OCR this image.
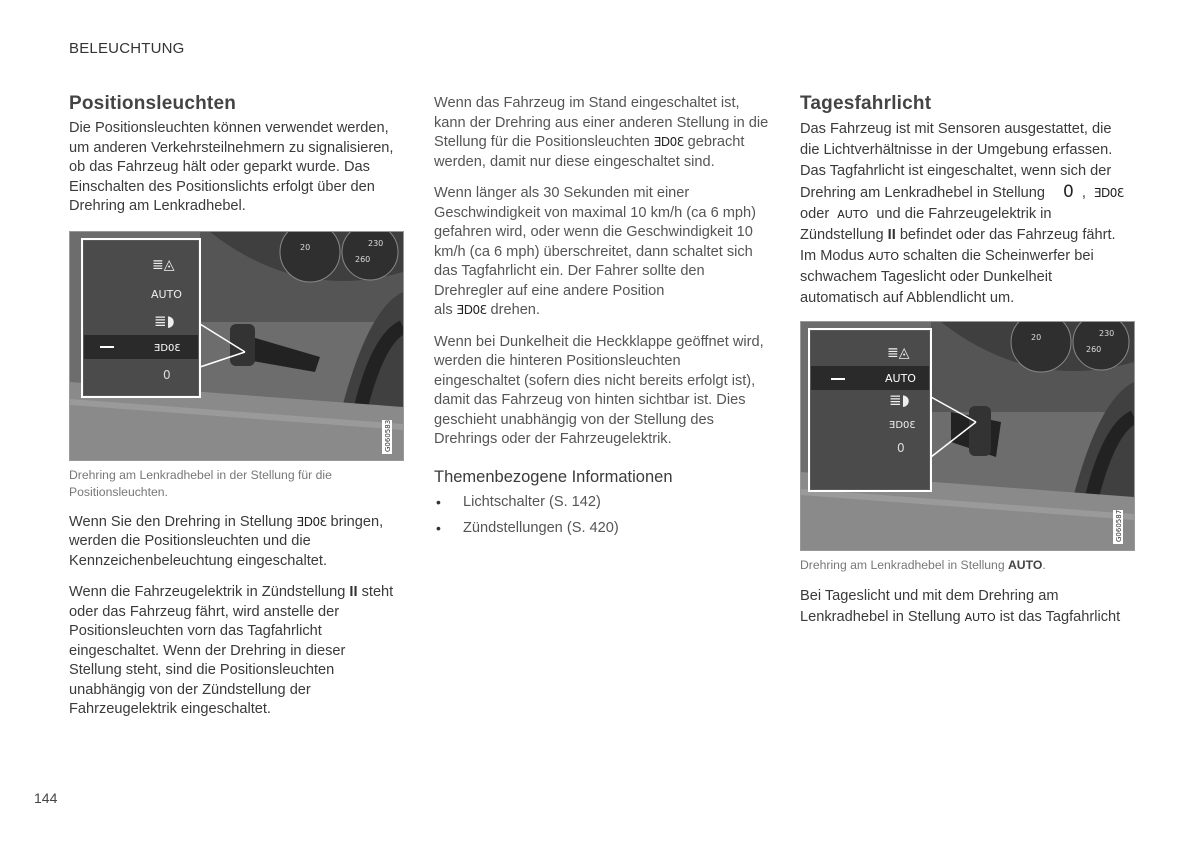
BELEUCHTUNG
Positionsleuchten

Die Positionsleuchten können verwendet werden, um anderen Verkehrsteilnehmern zu signalisieren, ob das Fahrzeug hält oder geparkt wurde. Das Einschalten des Positionslichts erfolgt über den Drehring am Lenkradhebel.

20	230
260
≣◬
AUTO
≣◗
ƎD0Ɛ
0
G060583
Drehring am Lenkradhebel in der Stellung für die Positionsleuchten.

Wenn Sie den Drehring in Stellung ƎD0Ɛ bringen, werden die Positionsleuchten und die Kennzeichenbeleuchtung eingeschaltet.

Wenn die Fahrzeugelektrik in Zündstellung II steht oder das Fahrzeug fährt, wird anstelle der Positionsleuchten vorn das Tagfahrlicht eingeschaltet. Wenn der Drehring in dieser Stellung steht, sind die Positionsleuchten unabhängig von der Zündstellung der Fahrzeugelektrik eingeschaltet.

Wenn das Fahrzeug im Stand eingeschaltet ist, kann der Drehring aus einer anderen Stellung in die Stellung für die Positionsleuchten ƎD0Ɛ gebracht werden, damit nur diese eingeschaltet sind.

Wenn länger als 30 Sekunden mit einer Geschwindigkeit von maximal 10 km/h (ca 6 mph) gefahren wird, oder wenn die Geschwindigkeit 10 km/h (ca 6 mph) überschreitet, dann schaltet sich das Tagfahrlicht ein. Der Fahrer sollte den Drehregler auf eine andere Position als ƎD0Ɛ drehen.

Wenn bei Dunkelheit die Heckklappe geöffnet wird, werden die hinteren Positionsleuchten eingeschaltet (sofern dies nicht bereits erfolgt ist), damit das Fahrzeug von hinten sichtbar ist. Dies geschieht unabhängig von der Stellung des Drehrings oder der Fahrzeugelektrik.

Themenbezogene Informationen
• Lichtschalter (S. 142)
• Zündstellungen (S. 420)
Tagesfahrlicht

Das Fahrzeug ist mit Sensoren ausgestattet, die die Lichtverhältnisse in der Umgebung erfassen. Das Tagfahrlicht ist eingeschaltet, wenn sich der Drehring am Lenkradhebel in Stellung 0 , ƎD0Ɛ oder AUTO und die Fahrzeugelektrik in Zündstellung II befindet oder das Fahrzeug fährt. Im Modus AUTO schalten die Scheinwerfer bei schwachem Tageslicht oder Dunkelheit automatisch auf Abblendlicht um.

20	230
260
≣◬
AUTO
≣◗
ƎD0Ɛ
0
G060587
Drehring am Lenkradhebel in Stellung AUTO.

Bei Tageslicht und mit dem Drehring am Lenkradhebel in Stellung AUTO ist das Tagfahrlicht

144
